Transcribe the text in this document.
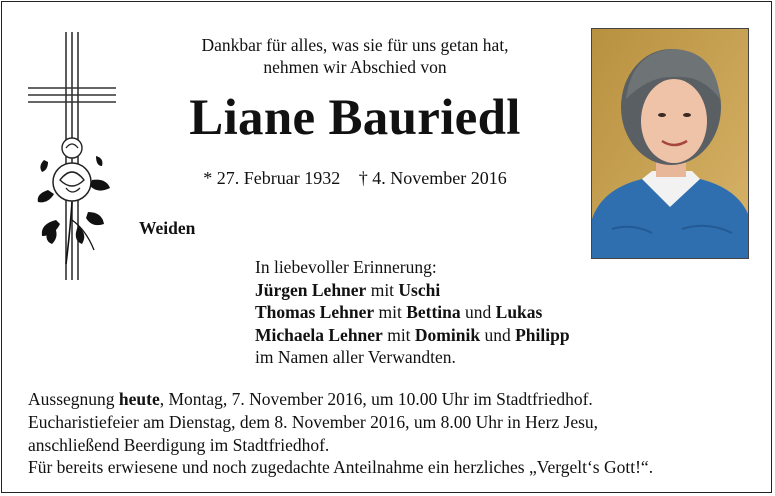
Dankbar für alles, was sie für uns getan hat,
nehmen wir Abschied von
Liane Bauriedl
* 27. Februar 1932 † 4. November 2016
Weiden
In liebevoller Erinnerung:
Jürgen Lehner mit Uschi
Thomas Lehner mit Bettina und Lukas
Michaela Lehner mit Dominik und Philipp
im Namen aller Verwandten.
Aussegnung heute, Montag, 7. November 2016, um 10.00 Uhr im Stadtfriedhof.
Eucharistiefeier am Dienstag, dem 8. November 2016, um 8.00 Uhr in Herz Jesu,
anschließend Beerdigung im Stadtfriedhof.
Für bereits erwiesene und noch zugedachte Anteilnahme ein herzliches „Vergelt‘s Gott!“.
